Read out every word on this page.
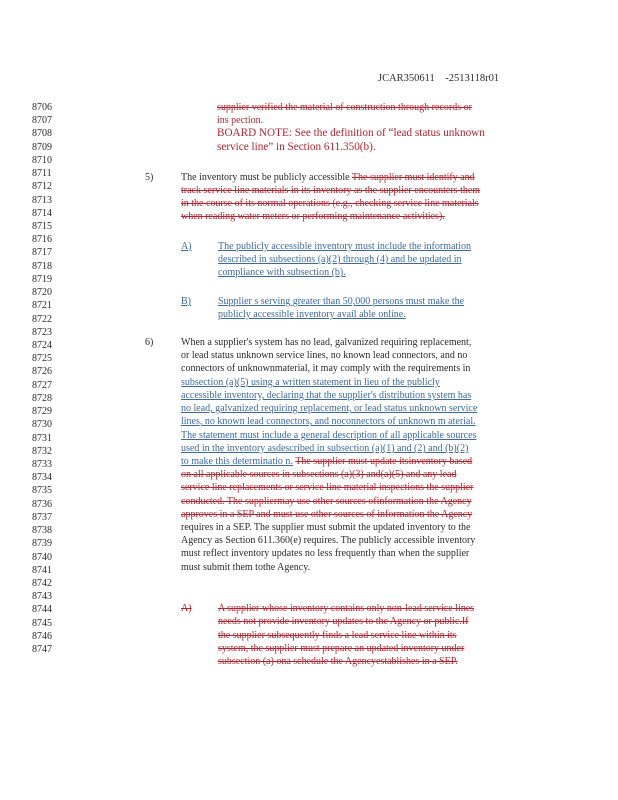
JCAR350611    -2513118r01
8706
8707
8708
8709
8710
8711
8712
8713
8714
8715
8716
8717
8718
8719
8720
8721
8722
8723
8724
8725
8726
8727
8728
8729
8730
8731
8732
8733
8734
8735
8736
8737
8738
8739
8740
8741
8742
8743
8744
8745
8746
8747
supplier verified the material of construction through records or
ins pection.
BOARD NOTE: See the definition of “lead status unknown
service line” in Section 611.350(b).
5)	The inventory must be publicly accessible The supplier must identify and
track service line materials in its inventory as the supplier encounters them
in the course of its normal operations (e.g., checking service line materials
when reading water meters or performing maintenance activities).
A)	The publicly accessible inventory must include the information
described in subsections (a)(2) through (4) and be updated in
compliance with subsection (b).
B)	Supplier s serving greater than 50,000 persons must make the
publicly accessible inventory avail able online.
6)	When a supplier's system has no lead, galvanized requiring replacement,
or lead status unknown service lines, no known lead connectors, and no
connectors of unknownmaterial, it may comply with the requirements in
subsection (a)(5) using a written statement in lieu of the publicly
accessible inventory, declaring that the supplier's distribution system has
no lead, galvanized requiring replacement, or lead status unknown service
lines, no known lead connectors, and noconnectors of unknown m aterial.
The statement must include a general description of all applicable sources
used in the inventory asdescribed in subsection (a)(1) and (2) and (b)(2)
to make this determinatio n. The supplier must update itsinventory based
on all applicable sources in subsections (a)(3) and(a)(5) and any lead
service line replacements or service line material inspections the supplier
conducted. The suppliermay use other sources ofinformation the Agency
approves in a SEP and must use other sources of information the Agency
requires in a SEP. The supplier must submit the updated inventory to the
Agency as Section 611.360(e) requires. The publicly accessible inventory
must reflect inventory updates no less frequently than when the supplier
must submit them tothe Agency.
A)	A supplier whose inventory contains only non-lead service lines
needs not provide inventory updates to the Agency or public.If
the supplier subsequently finds a lead service line within its
system, the supplier must prepare an updated inventory under
subsection (a) ona schedule the Agencyestablishes in a SEP.
